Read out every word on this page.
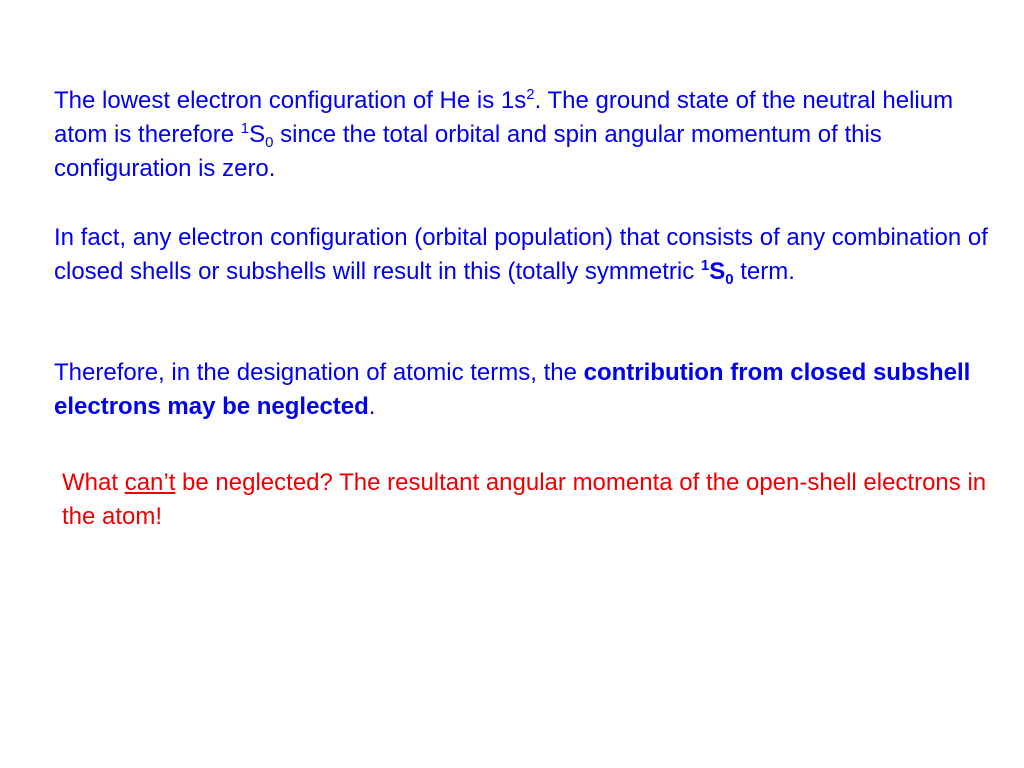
The lowest electron configuration of He is $1s^2$. The ground state of the neutral helium atom is therefore $^1S_0$ since the total orbital and spin angular momentum of this configuration is zero.

In fact, any electron configuration (orbital population) that consists of any combination of closed shells or subshells will result in this (totally symmetric $^1S_0$ term.

Therefore, in the designation of atomic terms, the contribution from closed subshell electrons may be neglected.

What can’t be neglected? The resultant angular momenta of the open-shell electrons in the atom!
